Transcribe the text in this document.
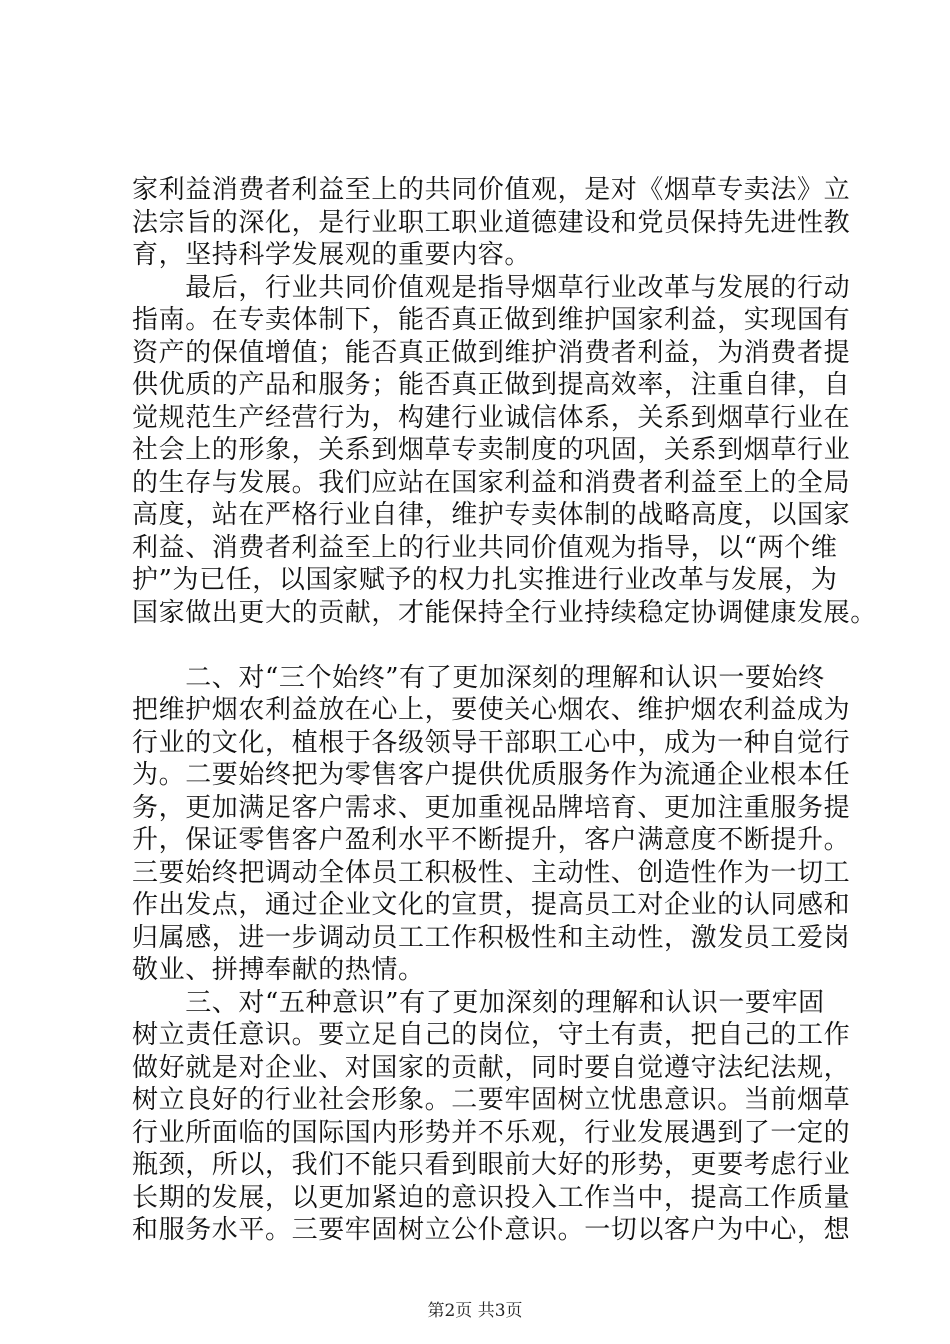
家利益消费者利益至上的共同价值观，是对《烟草专卖法》立
法宗旨的深化，是行业职工职业道德建设和党员保持先进性教
育，坚持科学发展观的重要内容。
　　最后，行业共同价值观是指导烟草行业改革与发展的行动
指南。在专卖体制下，能否真正做到维护国家利益，实现国有
资产的保值增值；能否真正做到维护消费者利益，为消费者提
供优质的产品和服务；能否真正做到提高效率，注重自律，自
觉规范生产经营行为，构建行业诚信体系，关系到烟草行业在
社会上的形象，关系到烟草专卖制度的巩固，关系到烟草行业
的生存与发展。我们应站在国家利益和消费者利益至上的全局
高度，站在严格行业自律，维护专卖体制的战略高度，以国家
利益、消费者利益至上的行业共同价值观为指导，以“两个维
护”为已任，以国家赋予的权力扎实推进行业改革与发展，为
国家做出更大的贡献，才能保持全行业持续稳定协调健康发展。
　　二、对“三个始终”有了更加深刻的理解和认识一要始终
把维护烟农利益放在心上，要使关心烟农、维护烟农利益成为
行业的文化，植根于各级领导干部职工心中，成为一种自觉行
为。二要始终把为零售客户提供优质服务作为流通企业根本任
务，更加满足客户需求、更加重视品牌培育、更加注重服务提
升，保证零售客户盈利水平不断提升，客户满意度不断提升。
三要始终把调动全体员工积极性、主动性、创造性作为一切工
作出发点，通过企业文化的宣贯，提高员工对企业的认同感和
归属感，进一步调动员工工作积极性和主动性，激发员工爱岗
敬业、拼搏奉献的热情。
　　三、对“五种意识”有了更加深刻的理解和认识一要牢固
树立责任意识。要立足自己的岗位，守土有责，把自己的工作
做好就是对企业、对国家的贡献，同时要自觉遵守法纪法规，
树立良好的行业社会形象。二要牢固树立忧患意识。当前烟草
行业所面临的国际国内形势并不乐观，行业发展遇到了一定的
瓶颈，所以，我们不能只看到眼前大好的形势，更要考虑行业
长期的发展，以更加紧迫的意识投入工作当中，提高工作质量
和服务水平。三要牢固树立公仆意识。一切以客户为中心，想
第2页 共3页
